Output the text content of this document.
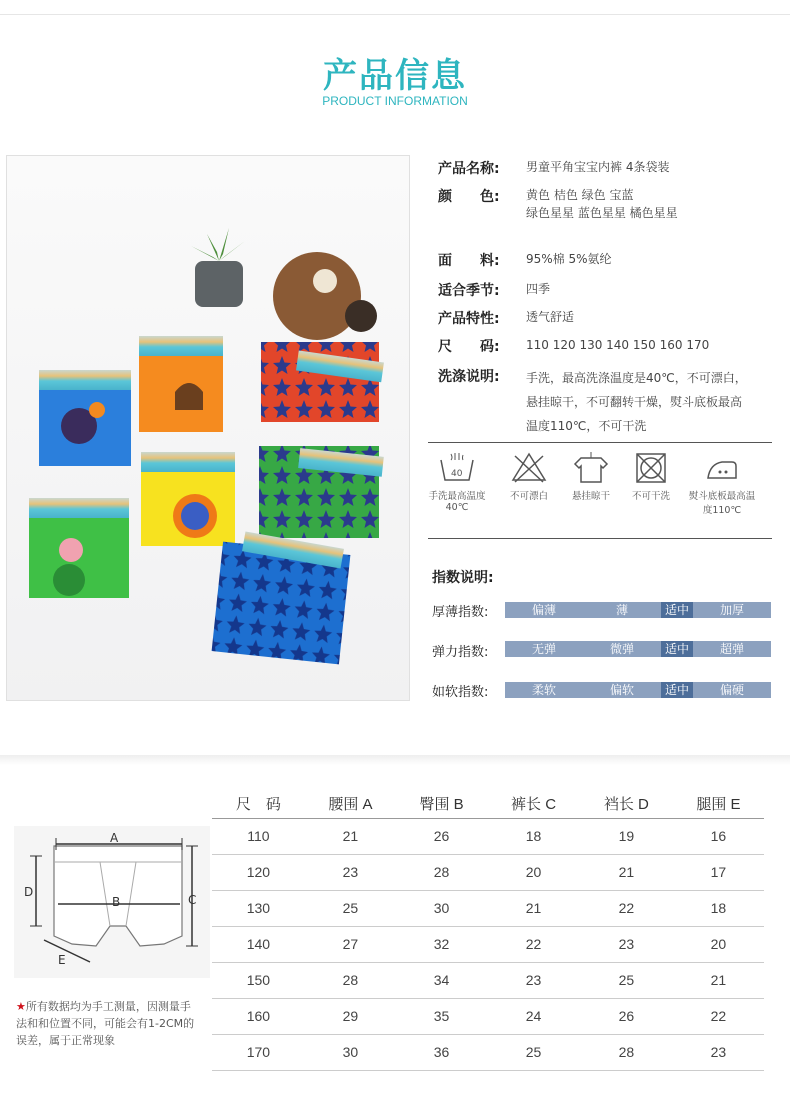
产品信息
PRODUCT INFORMATION
产品名称:	男童平角宝宝内裤 4条袋装
颜　　色:	黄色 桔色 绿色 宝蓝
绿色星星 蓝色星星 橘色星星
面　　料:	95%棉 5%氨纶
适合季节:	四季
产品特性:	透气舒适
尺　　码:	110 120 130 140 150 160 170
洗涤说明:	手洗，最高洗涤温度是40℃，不可漂白，
悬挂晾干，不可翻转干燥，熨斗底板最高
温度110℃，不可干洗
40
手洗最高温度
40℃
不可漂白	悬挂晾干	不可干洗	熨斗底板最高温
度110℃
指数说明:
厚薄指数:	偏薄	薄	适中	加厚
弹力指数:	无弹	微弹	适中	超弹
如软指数:	柔软	偏软	适中	偏硬
A
B	C
D
E
尺　码	腰围 A	臀围 B	裤长 C	裆长 D	腿围 E
110	21	26	18	19	16
120	23	28	20	21	17
130	25	30	21	22	18
140	27	32	22	23	20
150	28	34	23	25	21
160	29	35	24	26	22
170	30	36	25	28	23
★所有数据均为手工测量，因测量手
法和和位置不同，可能会有1-2CM的
误差，属于正常现象
